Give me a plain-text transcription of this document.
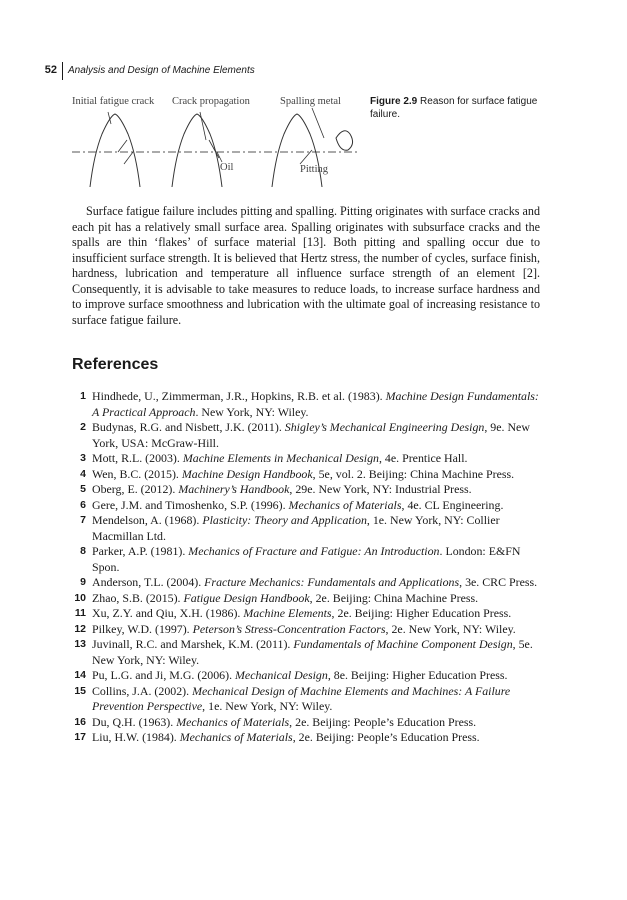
52 Analysis and Design of Machine Elements
Initial fatigue crack Crack propagation	Spalling metal
Oil	Pitting
Figure 2.9 Reason for surface fatigue failure.

Surface fatigue failure includes pitting and spalling. Pitting originates with surface cracks and each pit has a relatively small surface area. Spalling originates with subsurface cracks and the spalls are thin ‘flakes’ of surface material [13]. Both pitting and spalling occur due to insufficient surface strength. It is believed that Hertz stress, the number of cycles, surface finish, hardness, lubrication and temperature all influence surface strength of an element [2]. Consequently, it is advisable to take measures to reduce loads, to increase surface hardness and to improve surface smoothness and lubrication with the ultimate goal of increasing resistance to surface fatigue failure.

References
1 Hindhede, U., Zimmerman, J.R., Hopkins, R.B. et al. (1983). Machine Design Fundamentals: A Practical Approach. New York, NY: Wiley.
2 Budynas, R.G. and Nisbett, J.K. (2011). Shigley’s Mechanical Engineering Design, 9e. New York, USA: McGraw-Hill.
3 Mott, R.L. (2003). Machine Elements in Mechanical Design, 4e. Prentice Hall.
4 Wen, B.C. (2015). Machine Design Handbook, 5e, vol. 2. Beijing: China Machine Press.
5 Oberg, E. (2012). Machinery’s Handbook, 29e. New York, NY: Industrial Press.
6 Gere, J.M. and Timoshenko, S.P. (1996). Mechanics of Materials, 4e. CL Engineering.
7 Mendelson, A. (1968). Plasticity: Theory and Application, 1e. New York, NY: Collier Macmillan Ltd.
8 Parker, A.P. (1981). Mechanics of Fracture and Fatigue: An Introduction. London: E&FN Spon.
9 Anderson, T.L. (2004). Fracture Mechanics: Fundamentals and Applications, 3e. CRC Press.
10 Zhao, S.B. (2015). Fatigue Design Handbook, 2e. Beijing: China Machine Press.
11 Xu, Z.Y. and Qiu, X.H. (1986). Machine Elements, 2e. Beijing: Higher Education Press.
12 Pilkey, W.D. (1997). Peterson’s Stress-Concentration Factors, 2e. New York, NY: Wiley.
13 Juvinall, R.C. and Marshek, K.M. (2011). Fundamentals of Machine Component Design, 5e. New York, NY: Wiley.
14 Pu, L.G. and Ji, M.G. (2006). Mechanical Design, 8e. Beijing: Higher Education Press.
15 Collins, J.A. (2002). Mechanical Design of Machine Elements and Machines: A Failure Prevention Perspective, 1e. New York, NY: Wiley.
16 Du, Q.H. (1963). Mechanics of Materials, 2e. Beijing: People’s Education Press.
17 Liu, H.W. (1984). Mechanics of Materials, 2e. Beijing: People’s Education Press.
